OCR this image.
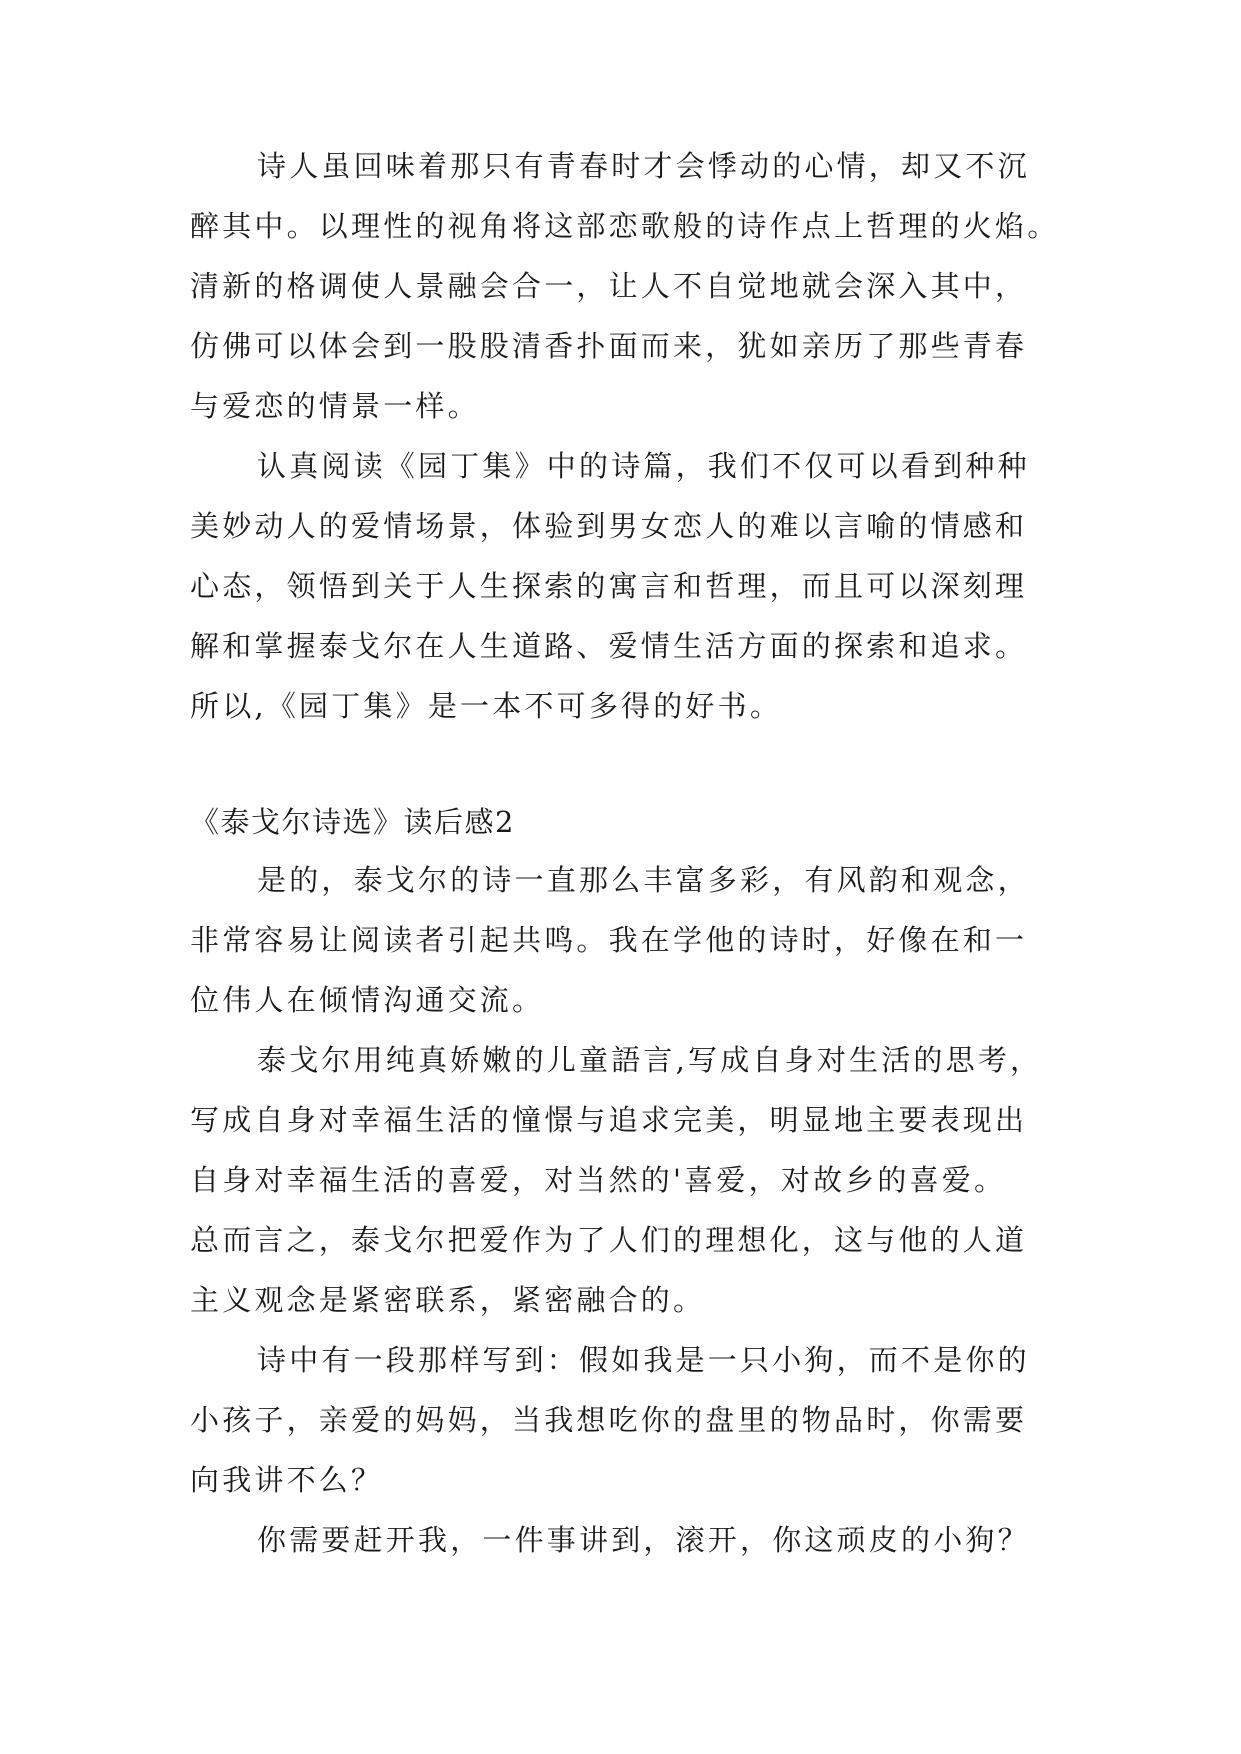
诗人虽回味着那只有青春时才会悸动的心情，却又不沉
醉其中。以理性的视角将这部恋歌般的诗作点上哲理的火焰。
清新的格调使人景融会合一，让人不自觉地就会深入其中，
仿佛可以体会到一股股清香扑面而来，犹如亲历了那些青春
与爱恋的情景一样。
认真阅读《园丁集》中的诗篇，我们不仅可以看到种种
美妙动人的爱情场景，体验到男女恋人的难以言喻的情感和
心态，领悟到关于人生探索的寓言和哲理，而且可以深刻理
解和掌握泰戈尔在人生道路、爱情生活方面的探索和追求。
所以,《园丁集》是一本不可多得的好书。
《泰戈尔诗选》读后感2
是的，泰戈尔的诗一直那么丰富多彩，有风韵和观念，
非常容易让阅读者引起共鸣。我在学他的诗时，好像在和一
位伟人在倾情沟通交流。
泰戈尔用纯真娇嫩的儿童語言,写成自身对生活的思考，
写成自身对幸福生活的憧憬与追求完美，明显地主要表现出
自身对幸福生活的喜爱，对当然的'喜爱，对故乡的喜爱。
总而言之，泰戈尔把爱作为了人们的理想化，这与他的人道
主义观念是紧密联系，紧密融合的。
诗中有一段那样写到：假如我是一只小狗，而不是你的
小孩子，亲爱的妈妈，当我想吃你的盘里的物品时，你需要
向我讲不么？
你需要赶开我，一件事讲到，滚开，你这顽皮的小狗？
